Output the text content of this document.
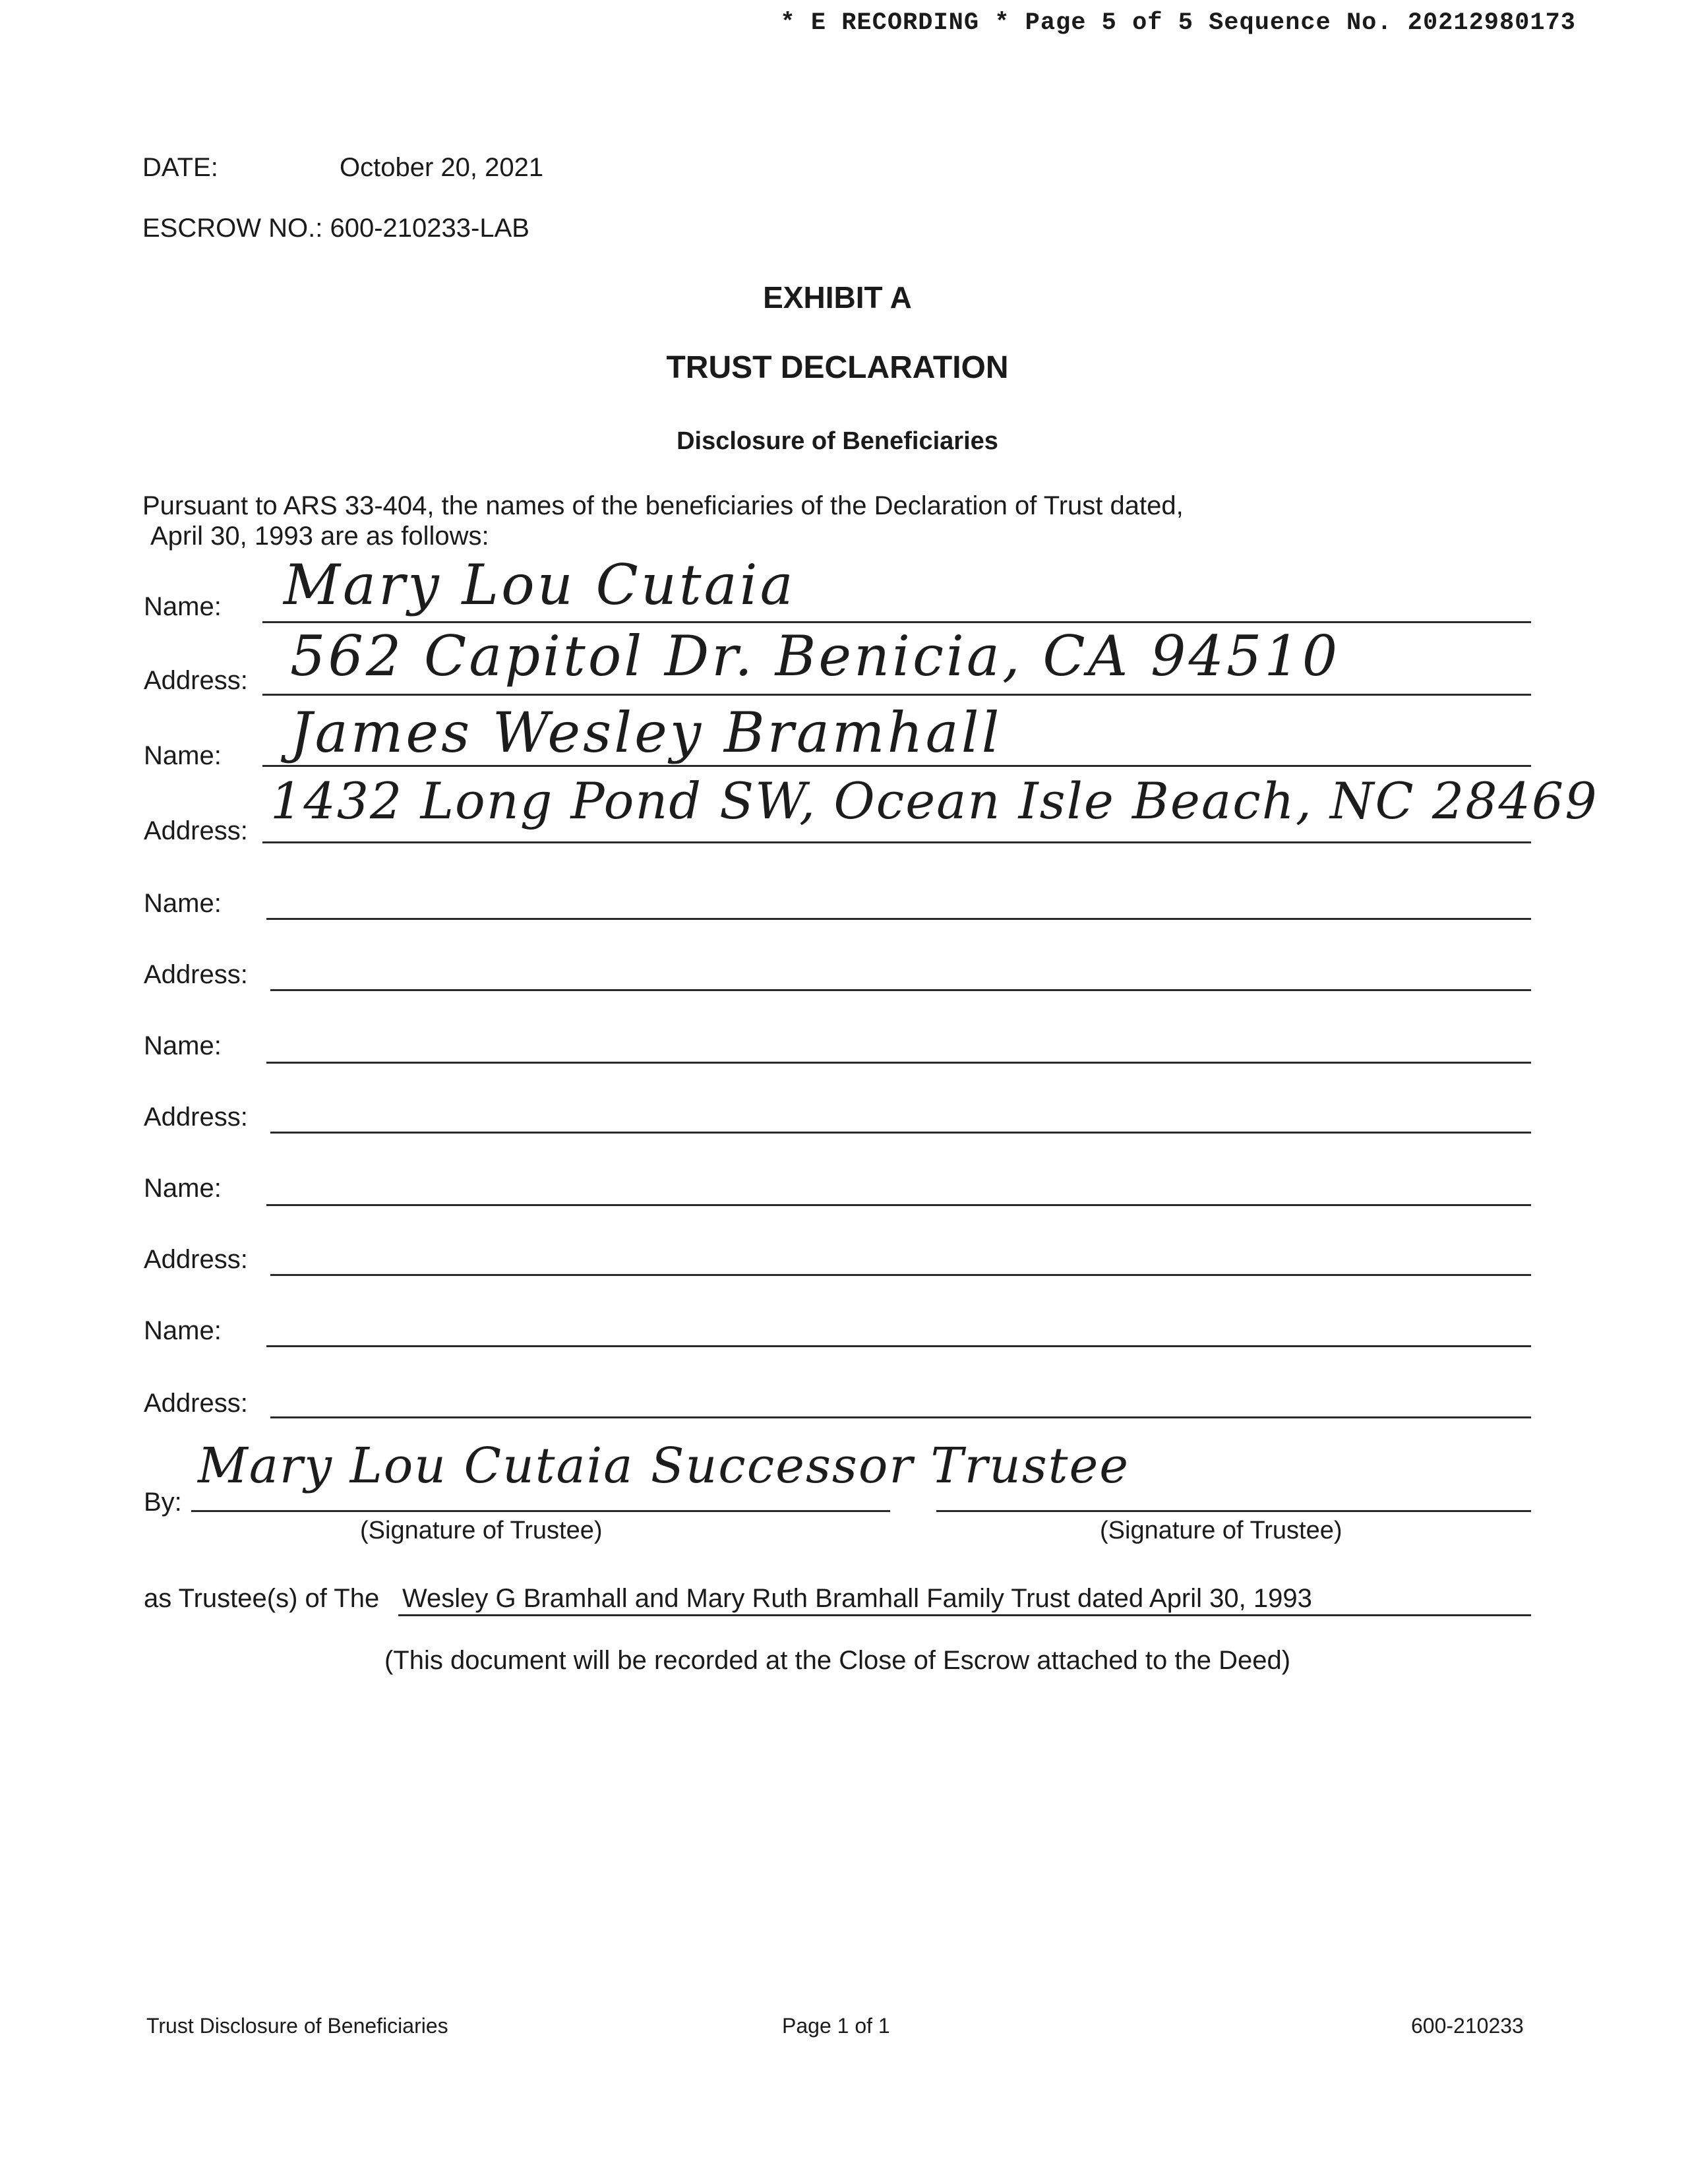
* E RECORDING * Page 5 of 5 Sequence No. 20212980173
DATE:	October 20, 2021
ESCROW NO.: 600-210233-LAB
EXHIBIT A
TRUST DECLARATION
Disclosure of Beneficiaries
Pursuant to ARS 33-404, the names of the beneficiaries of the Declaration of Trust dated,
April 30, 1993 are as follows:
Name: Mary Lou Cutaia
Address: 562 Capitol Dr. Benicia, CA 94510
Name: James Wesley Bramhall
Address:
1432 Long Pond SW, Ocean Isle Beach, NC 28469
Name:
Address:
Name:
Address:
Name:
Address:
Name:
Address:
By:
Mary Lou Cutaia Successor Trustee
(Signature of Trustee)	(Signature of Trustee)
as Trustee(s) of The Wesley G Bramhall and Mary Ruth Bramhall Family Trust dated April 30, 1993
(This document will be recorded at the Close of Escrow attached to the Deed)
Trust Disclosure of Beneficiaries	Page 1 of 1	600-210233
